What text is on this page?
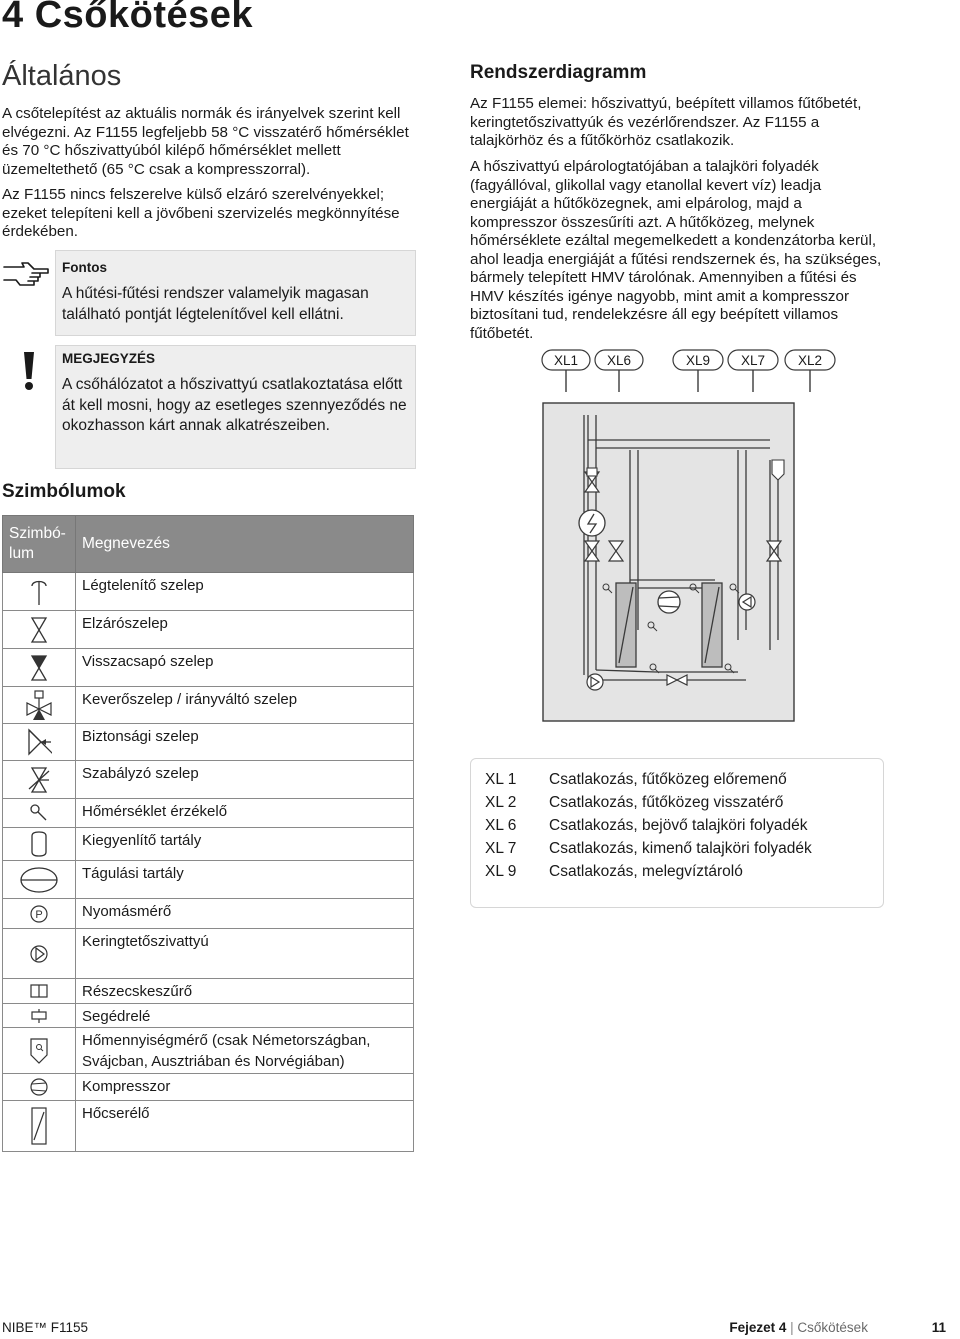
4 Csőkötések
Általános

A csőtelepítést az aktuális normák és irányelvek szerint kell elvégezni. Az F1155 legfeljebb 58 °C visszatérő hőmérséklet és 70 °C hőszivattyúból kilépő hőmérséklet mellett üzemeltethető (65 °C csak a kompresszorral).

Az F1155 nincs felszerelve külső elzáró szerelvényekkel; ezeket telepíteni kell a jövőbeni szervizelés megkönnyítése érdekében.

Fontos
A hűtési-fűtési rendszer valamelyik magasan található pontját légtelenítővel kell ellátni.
MEGJEGYZÉS
A csőhálózatot a hőszivattyú csatlakoztatása előtt át kell mosni, hogy az esetleges szennyeződés ne okozhasson kárt annak alkatrészeiben.
Szimbólumok
Szimbó- lum	Megnevezés

	Légtelenítő szelep

	Elzárószelep

	Visszacsapó szelep

	Keverőszelep / irányváltó szelep

	Biztonsági szelep

	Szabályzó szelep

	Hőmérséklet érzékelő

	Kiegyenlítő tartály

	Tágulási tartály

P	Nyomásmérő

	Keringtetőszivattyú

	Részecskeszűrő

	Segédrelé

	Hőmennyiségmérő (csak Németországban, Svájcban, Ausztriában és Norvégiában)

	Kompresszor

	Hőcserélő
Rendszerdiagramm

Az F1155 elemei: hőszivattyú, beépített villamos fűtőbetét, keringtetőszivattyúk és vezérlőrendszer. Az F1155 a talajkörhöz és a fűtőkörhöz csatlakozik.

A hőszivattyú elpárologtatójában a talajköri folyadék (fagyállóval, glikollal vagy etanollal kevert víz) leadja energiáját a hűtőközegnek, ami elpárolog, majd a kompresszor összesűríti azt. A hűtőközeg, melynek hőmérséklete ezáltal megemelkedett a kondenzátorba kerül, ahol leadja energiáját a fűtési rendszernek és, ha szükséges, bármely telepített HMV tárolónak. Amennyiben a fűtési és HMV készítés igénye nagyobb, mint amit a kompresszor biztosítani tud, rendelekzésre áll egy beépített villamos fűtőbetét.

XL1 XL6	XL9 XL7 XL2
XL 1 Csatlakozás, fűtőközeg előremenő
XL 2 Csatlakozás, fűtőközeg visszatérő
XL 6 Csatlakozás, bejövő talajköri folyadék
XL 7 Csatlakozás, kimenő talajköri folyadék
XL 9 Csatlakozás, melegvíztároló
NIBE™ F1155	Fejezet 4 | Csőkötések	11
